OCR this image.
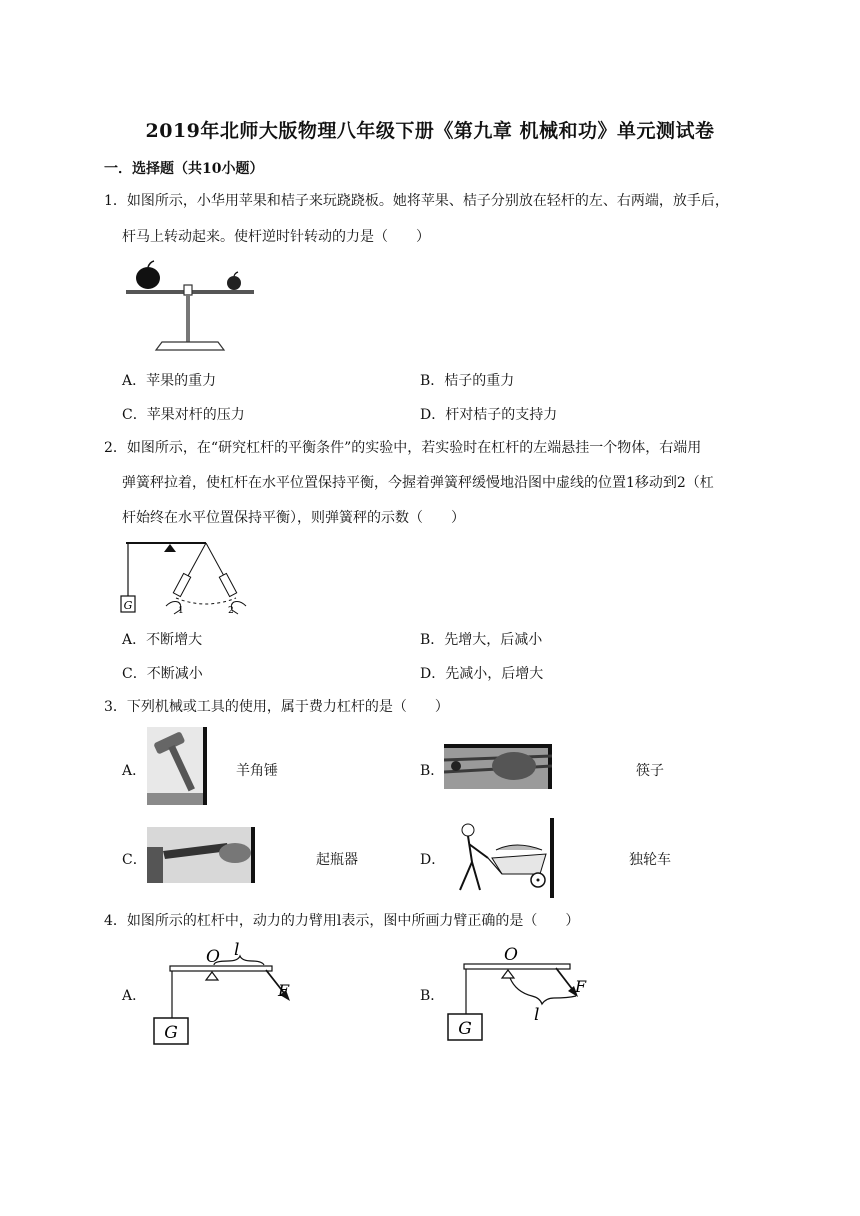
2019年北师大版物理八年级下册《第九章 机械和功》单元测试卷
一．选择题（共10小题）
1．如图所示，小华用苹果和桔子来玩跷跷板。她将苹果、桔子分别放在轻杆的左、右两端，放手后，
杆马上转动起来。使杆逆时针转动的力是（　　）
A．苹果的重力	B．桔子的重力
C．苹果对杆的压力	D．杆对桔子的支持力
2．如图所示，在“研究杠杆的平衡条件”的实验中，若实验时在杠杆的左端悬挂一个物体，右端用
弹簧秤拉着，使杠杆在水平位置保持平衡，今握着弹簧秤缓慢地沿图中虚线的位置1移动到2（杠
杆始终在水平位置保持平衡），则弹簧秤的示数（　　）
G	1	2
A．不断增大	B．先增大，后减小
C．不断减小	D．先减小，后增大
3．下列机械或工具的使用，属于费力杠杆的是（　　）
A．	羊角锤	B．	筷子
C．	起瓶器	D．	独轮车
4．如图所示的杠杆中，动力的力臂用l表示，图中所画力臂正确的是（　　）
A．
O l
F
G
B．
O
F
l
G
